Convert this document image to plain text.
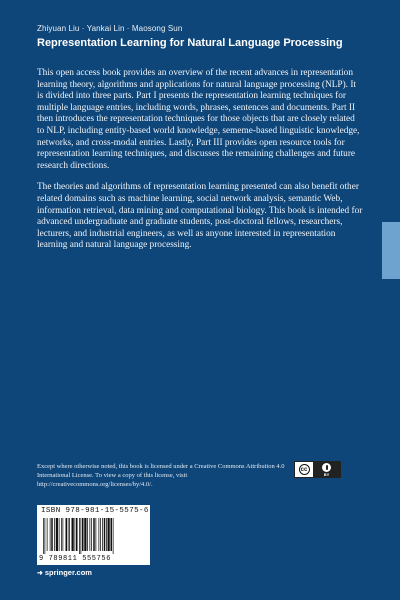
Zhiyuan Liu · Yankai Lin · Maosong Sun
Representation Learning for Natural Language Processing

This open access book provides an overview of the recent advances in representation learning theory, algorithms and applications for natural language processing (NLP). It is divided into three parts. Part I presents the representation learning techniques for multiple language entries, including words, phrases, sentences and documents. Part II then introduces the representation techniques for those objects that are closely related to NLP, including entity-based world knowledge, sememe-based linguistic knowledge, networks, and cross-modal entries. Lastly, Part III provides open resource tools for representation learning techniques, and discusses the remaining challenges and future research directions.

The theories and algorithms of representation learning presented can also benefit other related domains such as machine learning, social network analysis, semantic Web, information retrieval, data mining and computational biology. This book is intended for advanced undergraduate and graduate students, post-doctoral fellows, researchers, lecturers, and industrial engineers, as well as anyone interested in representation learning and natural language processing.

Except where otherwise noted, this book is licensed under a Creative Commons Attribution 4.0 International License. To view a copy of this license, visit http://creativecommons.org/licenses/by/4.0/.
cc
BY
ISBN 978-981-15-5575-6
9 789811 555756
➜ springer.com
